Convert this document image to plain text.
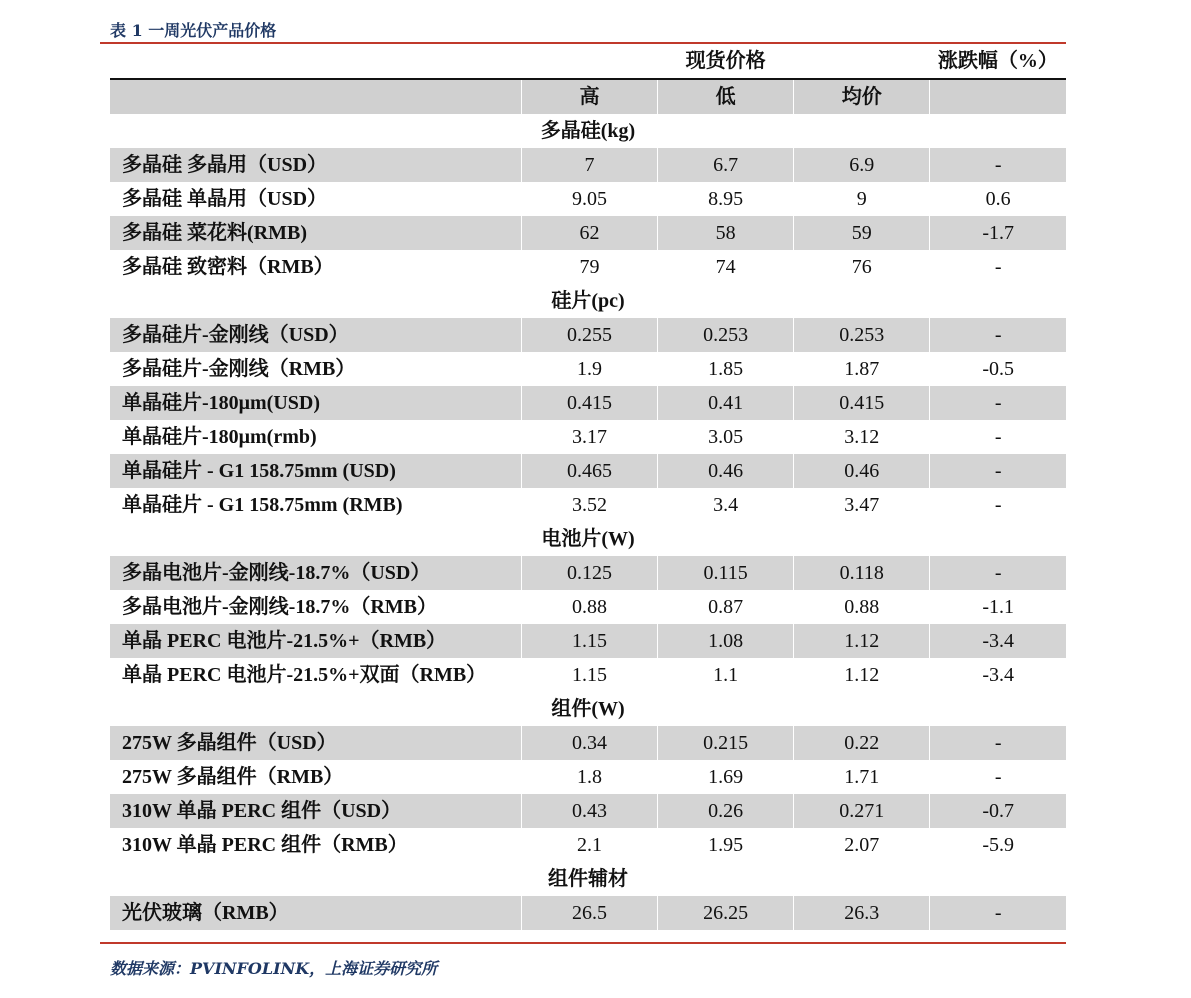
表 1 一周光伏产品价格
	现货价格			涨跌幅（%）
	高	低	均价	
多晶硅(kg)				
多晶硅 多晶用（USD）	7	6.7	6.9	-
多晶硅 单晶用（USD）	9.05	8.95	9	0.6
多晶硅 菜花料(RMB)	62	58	59	-1.7
多晶硅 致密料（RMB）	79	74	76	-
硅片(pc)				
多晶硅片-金刚线（USD）	0.255	0.253	0.253	-
多晶硅片-金刚线（RMB）	1.9	1.85	1.87	-0.5
单晶硅片-180μm(USD)	0.415	0.41	0.415	-
单晶硅片-180μm(rmb)	3.17	3.05	3.12	-
单晶硅片 - G1 158.75mm (USD)	0.465	0.46	0.46	-
单晶硅片 - G1 158.75mm (RMB)	3.52	3.4	3.47	-
电池片(W)				
多晶电池片-金刚线-18.7%（USD）	0.125	0.115	0.118	-
多晶电池片-金刚线-18.7%（RMB）	0.88	0.87	0.88	-1.1
单晶 PERC 电池片-21.5%+（RMB）	1.15	1.08	1.12	-3.4
单晶 PERC 电池片-21.5%+双面（RMB）	1.15	1.1	1.12	-3.4
组件(W)				
275W 多晶组件（USD）	0.34	0.215	0.22	-
275W 多晶组件（RMB）	1.8	1.69	1.71	-
310W 单晶 PERC 组件（USD）	0.43	0.26	0.271	-0.7
310W 单晶 PERC 组件（RMB）	2.1	1.95	2.07	-5.9
组件辅材				
光伏玻璃（RMB）	26.5	26.25	26.3	-
数据来源：PVINFOLINK，上海证券研究所
